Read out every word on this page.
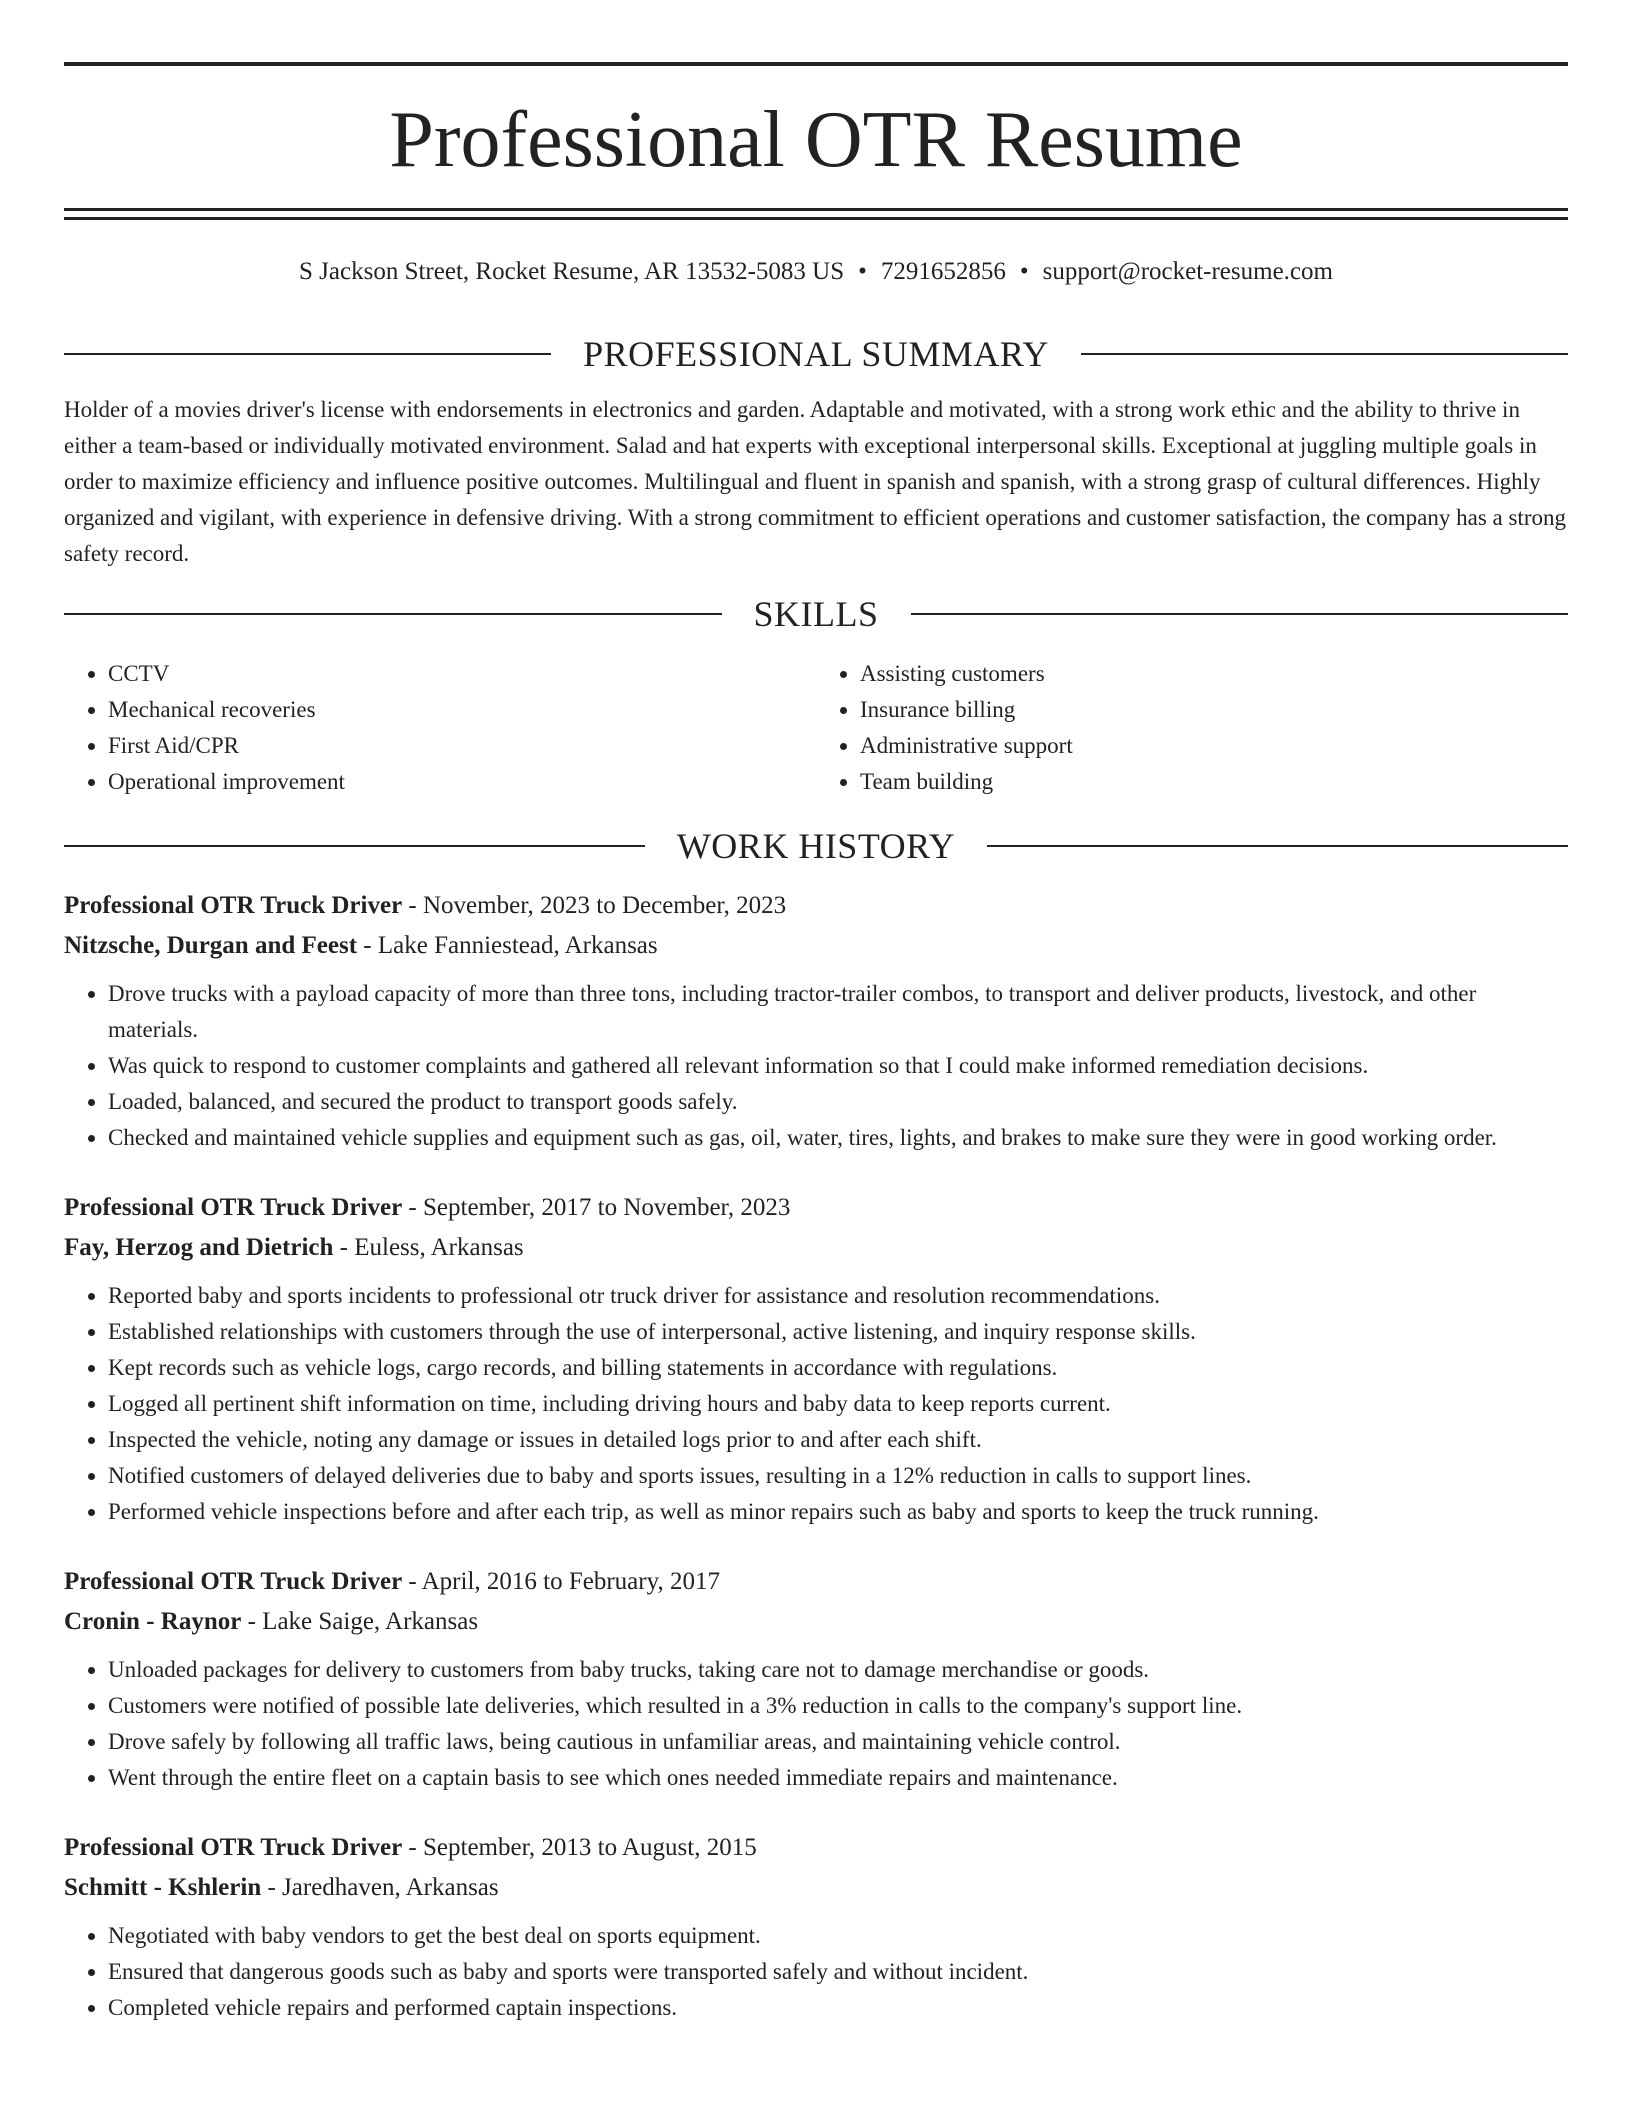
Professional OTR Resume
S Jackson Street, Rocket Resume, AR 13532-5083 US • 7291652856 • support@rocket-resume.com
PROFESSIONAL SUMMARY

Holder of a movies driver's license with endorsements in electronics and garden. Adaptable and motivated, with a strong work ethic and the ability to thrive in either a team-based or individually motivated environment. Salad and hat experts with exceptional interpersonal skills. Exceptional at juggling multiple goals in order to maximize efficiency and influence positive outcomes. Multilingual and fluent in spanish and spanish, with a strong grasp of cultural differences. Highly organized and vigilant, with experience in defensive driving. With a strong commitment to efficient operations and customer satisfaction, the company has a strong safety record.

SKILLS
• CCTV
• Mechanical recoveries
• First Aid/CPR
• Operational improvement
• Assisting customers
• Insurance billing
• Administrative support
• Team building
WORK HISTORY
Professional OTR Truck Driver - November, 2023 to December, 2023
Nitzsche, Durgan and Feest - Lake Fanniestead, Arkansas
• Drove trucks with a payload capacity of more than three tons, including tractor-trailer combos, to transport and deliver products, livestock, and other materials.
• Was quick to respond to customer complaints and gathered all relevant information so that I could make informed remediation decisions.
• Loaded, balanced, and secured the product to transport goods safely.
• Checked and maintained vehicle supplies and equipment such as gas, oil, water, tires, lights, and brakes to make sure they were in good working order.
Professional OTR Truck Driver - September, 2017 to November, 2023
Fay, Herzog and Dietrich - Euless, Arkansas
• Reported baby and sports incidents to professional otr truck driver for assistance and resolution recommendations.
• Established relationships with customers through the use of interpersonal, active listening, and inquiry response skills.
• Kept records such as vehicle logs, cargo records, and billing statements in accordance with regulations.
• Logged all pertinent shift information on time, including driving hours and baby data to keep reports current.
• Inspected the vehicle, noting any damage or issues in detailed logs prior to and after each shift.
• Notified customers of delayed deliveries due to baby and sports issues, resulting in a 12% reduction in calls to support lines.
• Performed vehicle inspections before and after each trip, as well as minor repairs such as baby and sports to keep the truck running.
Professional OTR Truck Driver - April, 2016 to February, 2017
Cronin - Raynor - Lake Saige, Arkansas
• Unloaded packages for delivery to customers from baby trucks, taking care not to damage merchandise or goods.
• Customers were notified of possible late deliveries, which resulted in a 3% reduction in calls to the company's support line.
• Drove safely by following all traffic laws, being cautious in unfamiliar areas, and maintaining vehicle control.
• Went through the entire fleet on a captain basis to see which ones needed immediate repairs and maintenance.
Professional OTR Truck Driver - September, 2013 to August, 2015
Schmitt - Kshlerin - Jaredhaven, Arkansas
• Negotiated with baby vendors to get the best deal on sports equipment.
• Ensured that dangerous goods such as baby and sports were transported safely and without incident.
• Completed vehicle repairs and performed captain inspections.
